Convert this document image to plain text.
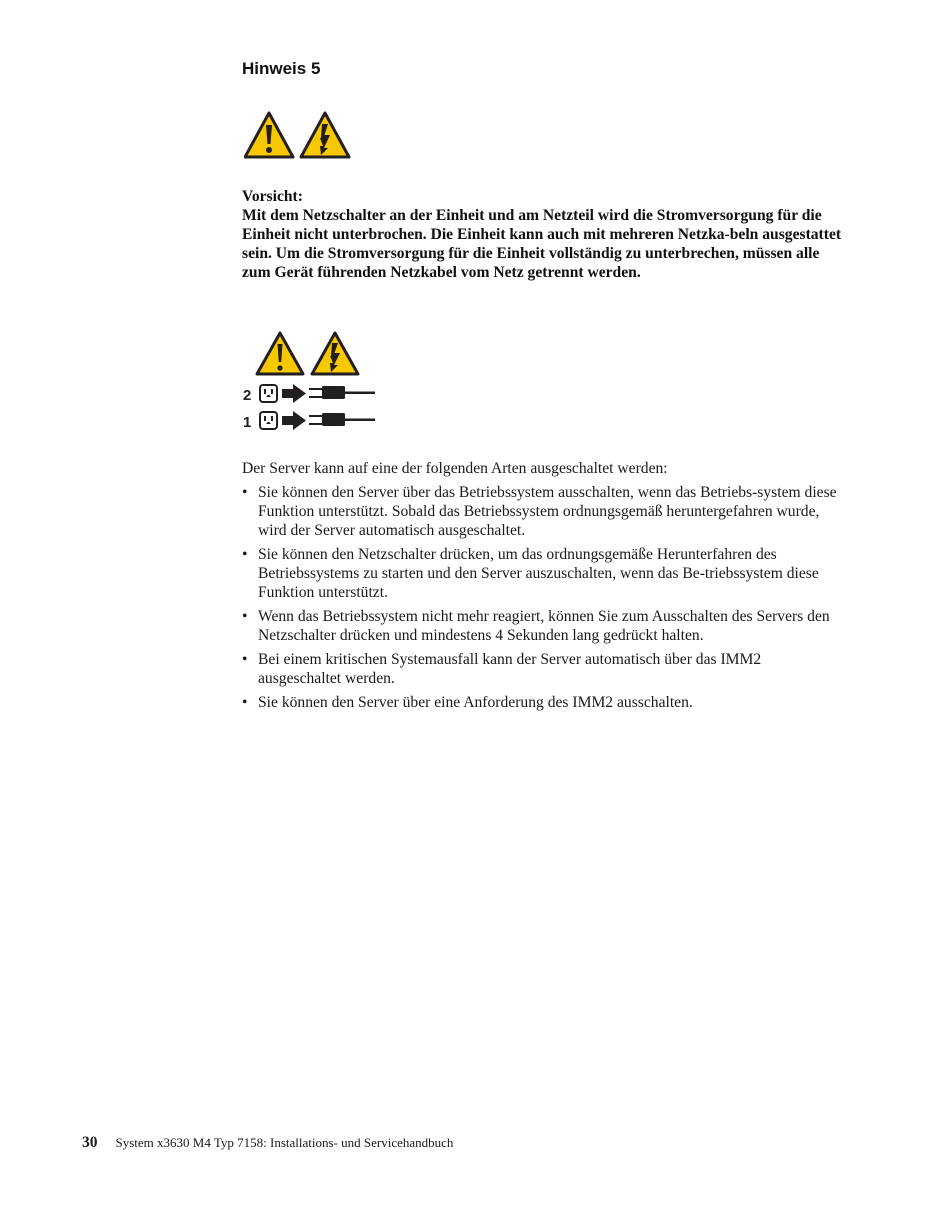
Hinweis 5

Vorsicht:

Mit dem Netzschalter an der Einheit und am Netzteil wird die Stromversorgung für die Einheit nicht unterbrochen. Die Einheit kann auch mit mehreren Netzka-beln ausgestattet sein. Um die Stromversorgung für die Einheit vollständig zu unterbrechen, müssen alle zum Gerät führenden Netzkabel vom Netz getrennt werden.

2
1

Der Server kann auf eine der folgenden Arten ausgeschaltet werden:

• Sie können den Server über das Betriebssystem ausschalten, wenn das Betriebs-system diese Funktion unterstützt. Sobald das Betriebssystem ordnungsgemäß heruntergefahren wurde, wird der Server automatisch ausgeschaltet.
• Sie können den Netzschalter drücken, um das ordnungsgemäße Herunterfahren des Betriebssystems zu starten und den Server auszuschalten, wenn das Be-triebssystem diese Funktion unterstützt.
• Wenn das Betriebssystem nicht mehr reagiert, können Sie zum Ausschalten des Servers den Netzschalter drücken und mindestens 4 Sekunden lang gedrückt halten.
• Bei einem kritischen Systemausfall kann der Server automatisch über das IMM2 ausgeschaltet werden.
• Sie können den Server über eine Anforderung des IMM2 ausschalten.
30 System x3630 M4 Typ 7158: Installations- und Servicehandbuch
